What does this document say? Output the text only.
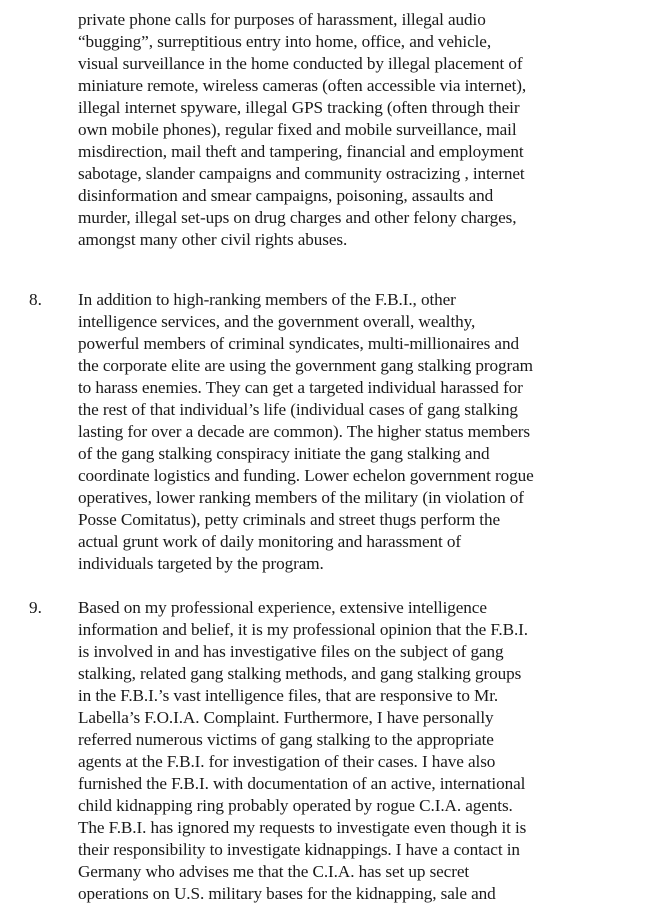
private phone calls for purposes of harassment, illegal audio
“bugging”, surreptitious entry into home, office, and vehicle,
visual surveillance in the home conducted by illegal placement of
miniature remote, wireless cameras (often accessible via internet),
illegal internet spyware, illegal GPS tracking (often through their
own mobile phones), regular fixed and mobile surveillance, mail
misdirection, mail theft and tampering, financial and employment
sabotage, slander campaigns and community ostracizing , internet
disinformation and smear campaigns, poisoning, assaults and
murder, illegal set-ups on drug charges and other felony charges,
amongst many other civil rights abuses.
8. In addition to high-ranking members of the F.B.I., other
intelligence services, and the government overall, wealthy,
powerful members of criminal syndicates, multi-millionaires and
the corporate elite are using the government gang stalking program
to harass enemies. They can get a targeted individual harassed for
the rest of that individual’s life (individual cases of gang stalking
lasting for over a decade are common). The higher status members
of the gang stalking conspiracy initiate the gang stalking and
coordinate logistics and funding. Lower echelon government rogue
operatives, lower ranking members of the military (in violation of
Posse Comitatus), petty criminals and street thugs perform the
actual grunt work of daily monitoring and harassment of
individuals targeted by the program.
9. Based on my professional experience, extensive intelligence
information and belief, it is my professional opinion that the F.B.I.
is involved in and has investigative files on the subject of gang
stalking, related gang stalking methods, and gang stalking groups
in the F.B.I.’s vast intelligence files, that are responsive to Mr.
Labella’s F.O.I.A. Complaint. Furthermore, I have personally
referred numerous victims of gang stalking to the appropriate
agents at the F.B.I. for investigation of their cases. I have also
furnished the F.B.I. with documentation of an active, international
child kidnapping ring probably operated by rogue C.I.A. agents.
The F.B.I. has ignored my requests to investigate even though it is
their responsibility to investigate kidnappings. I have a contact in
Germany who advises me that the C.I.A. has set up secret
operations on U.S. military bases for the kidnapping, sale and
